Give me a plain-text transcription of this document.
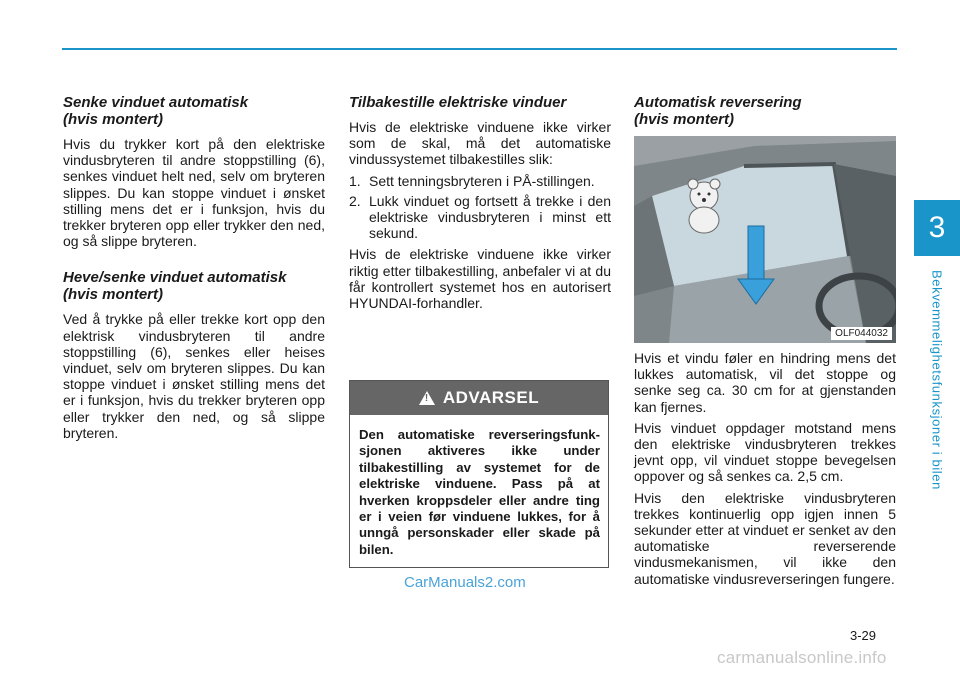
3
Bekvemmelighetsfunksjoner i bilen
Senke vinduet automatisk
(hvis montert)

Hvis du trykker kort på den elektriske vindusbryteren til andre stoppstilling (6), senkes vinduet helt ned, selv om bryteren slippes. Du kan stoppe vinduet i ønsket stilling mens det er i funksjon, hvis du trekker bryteren opp eller trykker den ned, og så slippe bryteren.

Heve/senke vinduet automatisk
(hvis montert)

Ved å trykke på eller trekke kort opp den elektrisk vindusbryteren til andre stoppstilling (6), senkes eller heises vinduet, selv om bryteren slippes. Du kan stoppe vinduet i ønsket stilling mens det er i funksjon, hvis du trekker bryteren opp eller trykker den ned, og så slippe bryteren.

Tilbakestille elektriske vinduer

Hvis de elektriske vinduene ikke virker som de skal, må det automatiske vindussystemet tilbakestilles slik:

1. Sett tenningsbryteren i PÅ-stillingen.
2. Lukk vinduet og fortsett å trekke i den elektriske vindusbryteren i minst ett sekund.

Hvis de elektriske vinduene ikke virker riktig etter tilbakestilling, anbefaler vi at du får kontrollert systemet hos en autorisert HYUNDAI-forhandler.

!
ADVARSEL
Den automatiske reverseringsfunk-sjonen aktiveres ikke under tilbakestilling av systemet for de elektriske vinduene. Pass på at hverken kroppsdeler eller andre ting er i veien før vinduene lukkes, for å unngå personskader eller skade på bilen.
CarManuals2.com
Automatisk reversering
(hvis montert)
OLF044032

Hvis et vindu føler en hindring mens det lukkes automatisk, vil det stoppe og senke seg ca. 30 cm for at gjenstanden kan fjernes.

Hvis vinduet oppdager motstand mens den elektriske vindusbryteren trekkes jevnt opp, vil vinduet stoppe bevegelsen oppover og så senkes ca. 2,5 cm.

Hvis den elektriske vindusbryteren trekkes kontinuerlig opp igjen innen 5 sekunder etter at vinduet er senket av den automatiske reverserende vindusmekanismen, vil ikke den automatiske vindusreverseringen fungere.

3-29
carmanualsonline.info
